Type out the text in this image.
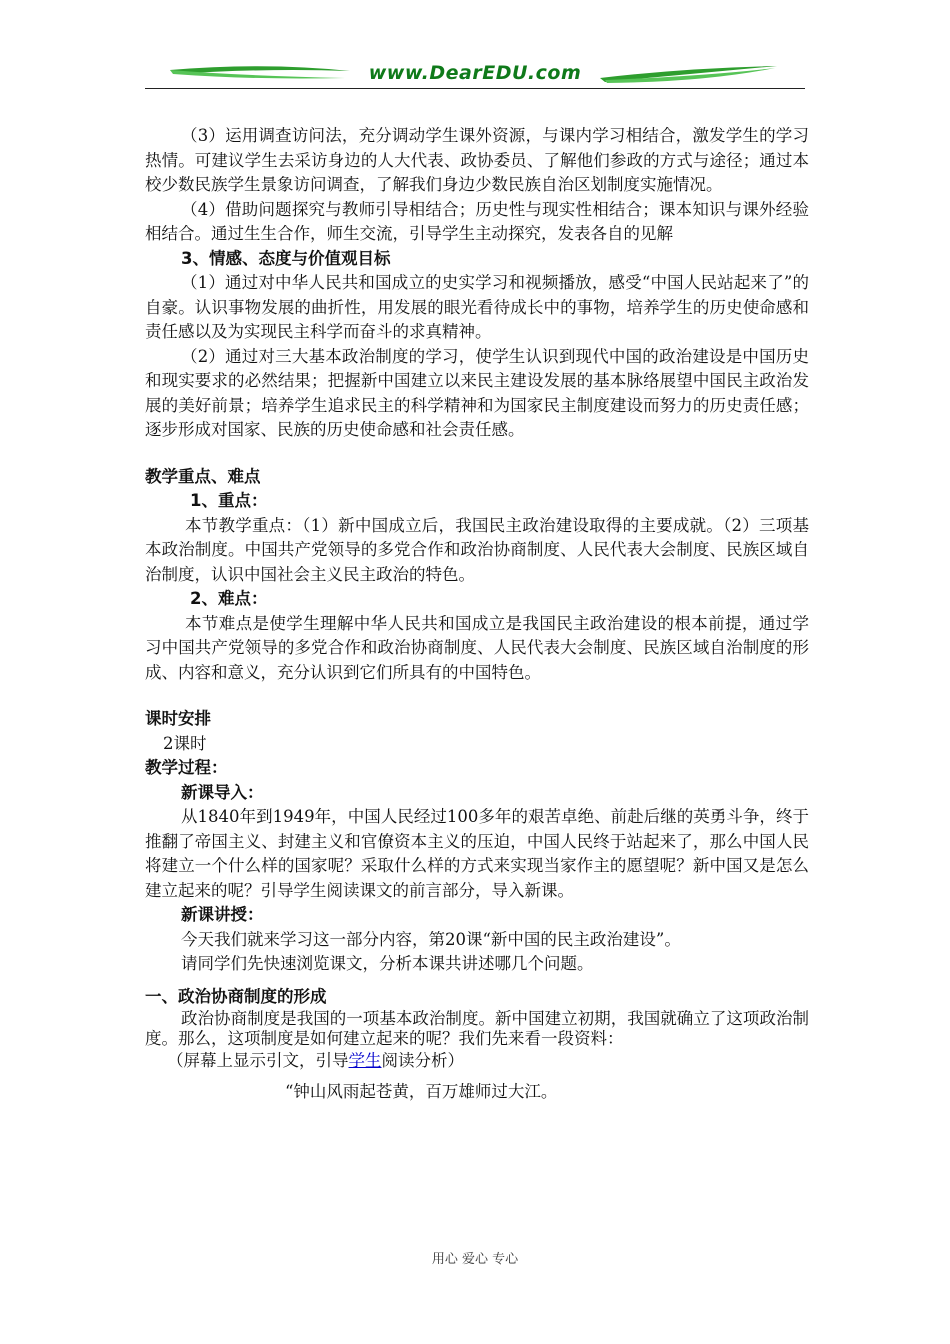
www.DearEDU.com

（3）运用调查访问法，充分调动学生课外资源，与课内学习相结合，激发学生的学习热情。可建议学生去采访身边的人大代表、政协委员、了解他们参政的方式与途径；通过本校少数民族学生景象访问调查，了解我们身边少数民族自治区划制度实施情况。

（4）借助问题探究与教师引导相结合；历史性与现实性相结合；课本知识与课外经验相结合。通过生生合作，师生交流，引导学生主动探究，发表各自的见解

3、情感、态度与价值观目标

（1）通过对中华人民共和国成立的史实学习和视频播放，感受“中国人民站起来了”的自豪。认识事物发展的曲折性，用发展的眼光看待成长中的事物，培养学生的历史使命感和责任感以及为实现民主科学而奋斗的求真精神。

（2）通过对三大基本政治制度的学习，使学生认识到现代中国的政治建设是中国历史和现实要求的必然结果；把握新中国建立以来民主建设发展的基本脉络展望中国民主政治发展的美好前景；培养学生追求民主的科学精神和为国家民主制度建设而努力的历史责任感；逐步形成对国家、民族的历史使命感和社会责任感。

教学重点、难点

1、重点：

本节教学重点：（1）新中国成立后，我国民主政治建设取得的主要成就。（2）三项基本政治制度。中国共产党领导的多党合作和政治协商制度、人民代表大会制度、民族区域自治制度，认识中国社会主义民主政治的特色。

2、难点：

本节难点是使学生理解中华人民共和国成立是我国民主政治建设的根本前提，通过学习中国共产党领导的多党合作和政治协商制度、人民代表大会制度、民族区域自治制度的形成、内容和意义，充分认识到它们所具有的中国特色。

课时安排

2课时

教学过程：

新课导入：

从1840年到1949年，中国人民经过100多年的艰苦卓绝、前赴后继的英勇斗争，终于推翻了帝国主义、封建主义和官僚资本主义的压迫，中国人民终于站起来了，那么中国人民将建立一个什么样的国家呢？采取什么样的方式来实现当家作主的愿望呢？新中国又是怎么建立起来的呢？引导学生阅读课文的前言部分，导入新课。

新课讲授：

今天我们就来学习这一部分内容，第20课“新中国的民主政治建设”。

请同学们先快速浏览课文，分析本课共讲述哪几个问题。

一、政治协商制度的形成

政治协商制度是我国的一项基本政治制度。新中国建立初期，我国就确立了这项政治制度。那么，这项制度是如何建立起来的呢？我们先来看一段资料：

（屏幕上显示引文，引导学生阅读分析）

“钟山风雨起苍黄，百万雄师过大江。

用心 爱心 专心
